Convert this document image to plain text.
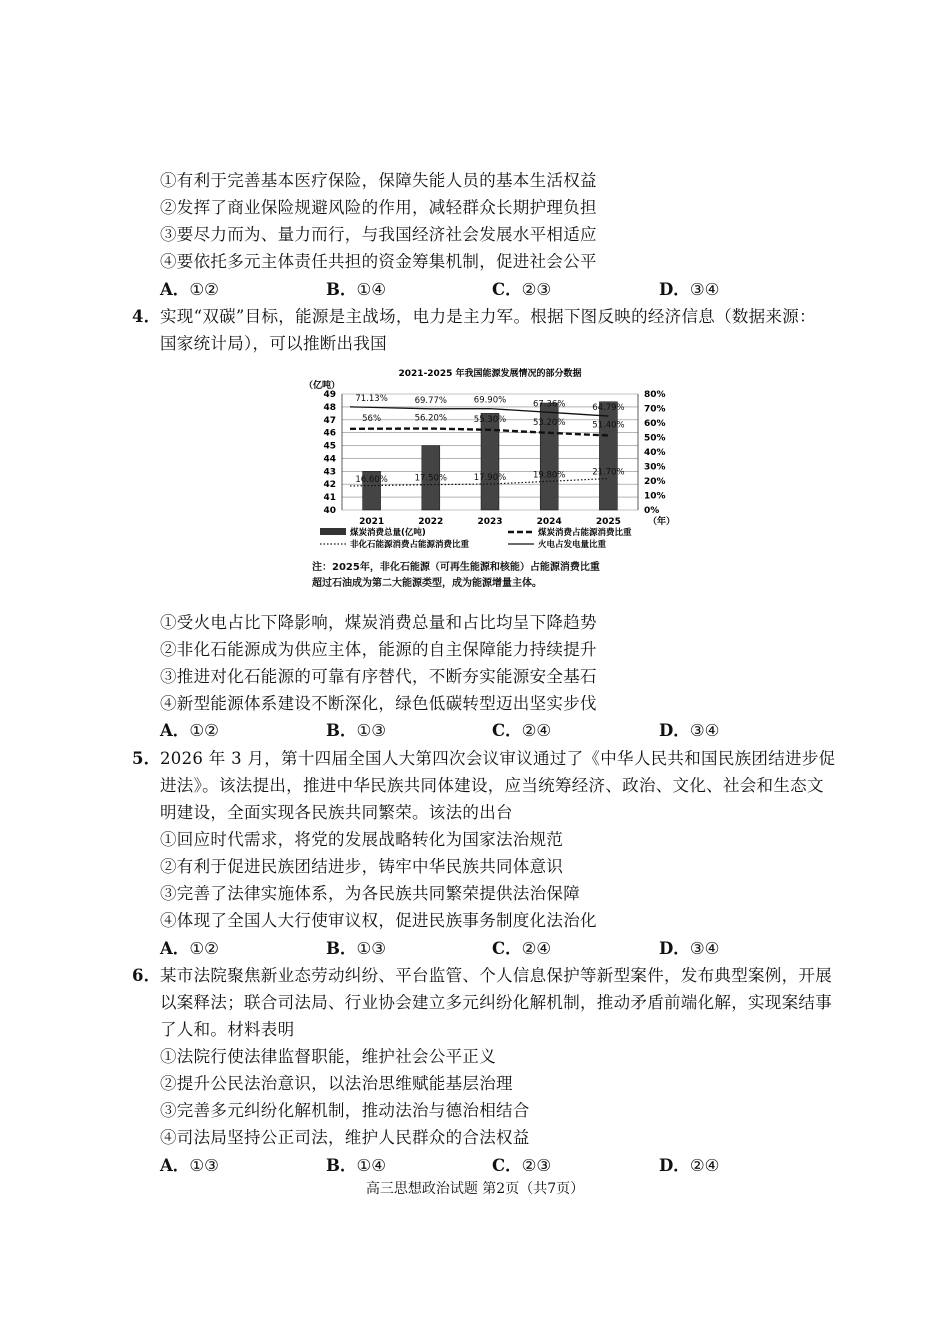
①有利于完善基本医疗保险，保障失能人员的基本生活权益
②发挥了商业保险规避风险的作用，减轻群众长期护理负担
③要尽力而为、量力而行，与我国经济社会发展水平相适应
④要依托多元主体责任共担的资金筹集机制，促进社会公平
A．①②	B．①④	C．②③	D．③④
4． 实现“双碳”目标，能源是主战场，电力是主力军。根据下图反映的经济信息（数据来源：
国家统计局），可以推断出我国
2021-2025 年我国能源发展情况的部分数据
（亿吨）
40
41
42
43
44
45
46
47
48
49
0%
10%
20%
30%
40%
50%
60%
70%
80%
2021	2022	2023	2024	2025	（年）
56%	56.20%	55.30%	53.20%	51.40%
16.60%	17.50%	17.90%	19.80%	21.70%
71.13%	69.77%	69.90%	67.36%	64.79%
煤炭消费总量(亿吨)	煤炭消费占能源消费比重
非化石能源消费占能源消费比重	火电占发电量比重
注：2025年，非化石能源（可再生能源和核能）占能源消费比重
超过石油成为第二大能源类型，成为能源增量主体。
①受火电占比下降影响，煤炭消费总量和占比均呈下降趋势
②非化石能源成为供应主体，能源的自主保障能力持续提升
③推进对化石能源的可靠有序替代，不断夯实能源安全基石
④新型能源体系建设不断深化，绿色低碳转型迈出坚实步伐
A．①②	B．①③	C．②④	D．③④
5． 2026 年 3 月，第十四届全国人大第四次会议审议通过了《中华人民共和国民族团结进步促
进法》。该法提出，推进中华民族共同体建设，应当统筹经济、政治、文化、社会和生态文
明建设，全面实现各民族共同繁荣。该法的出台
①回应时代需求，将党的发展战略转化为国家法治规范
②有利于促进民族团结进步，铸牢中华民族共同体意识
③完善了法律实施体系，为各民族共同繁荣提供法治保障
④体现了全国人大行使审议权，促进民族事务制度化法治化
A．①②	B．①③	C．②④	D．③④
6． 某市法院聚焦新业态劳动纠纷、平台监管、个人信息保护等新型案件，发布典型案例，开展
以案释法；联合司法局、行业协会建立多元纠纷化解机制，推动矛盾前端化解，实现案结事
了人和。材料表明
①法院行使法律监督职能，维护社会公平正义
②提升公民法治意识，以法治思维赋能基层治理
③完善多元纠纷化解机制，推动法治与德治相结合
④司法局坚持公正司法，维护人民群众的合法权益
A．①③	B．①④	C．②③	D．②④
高三思想政治试题 第2页（共7页）
